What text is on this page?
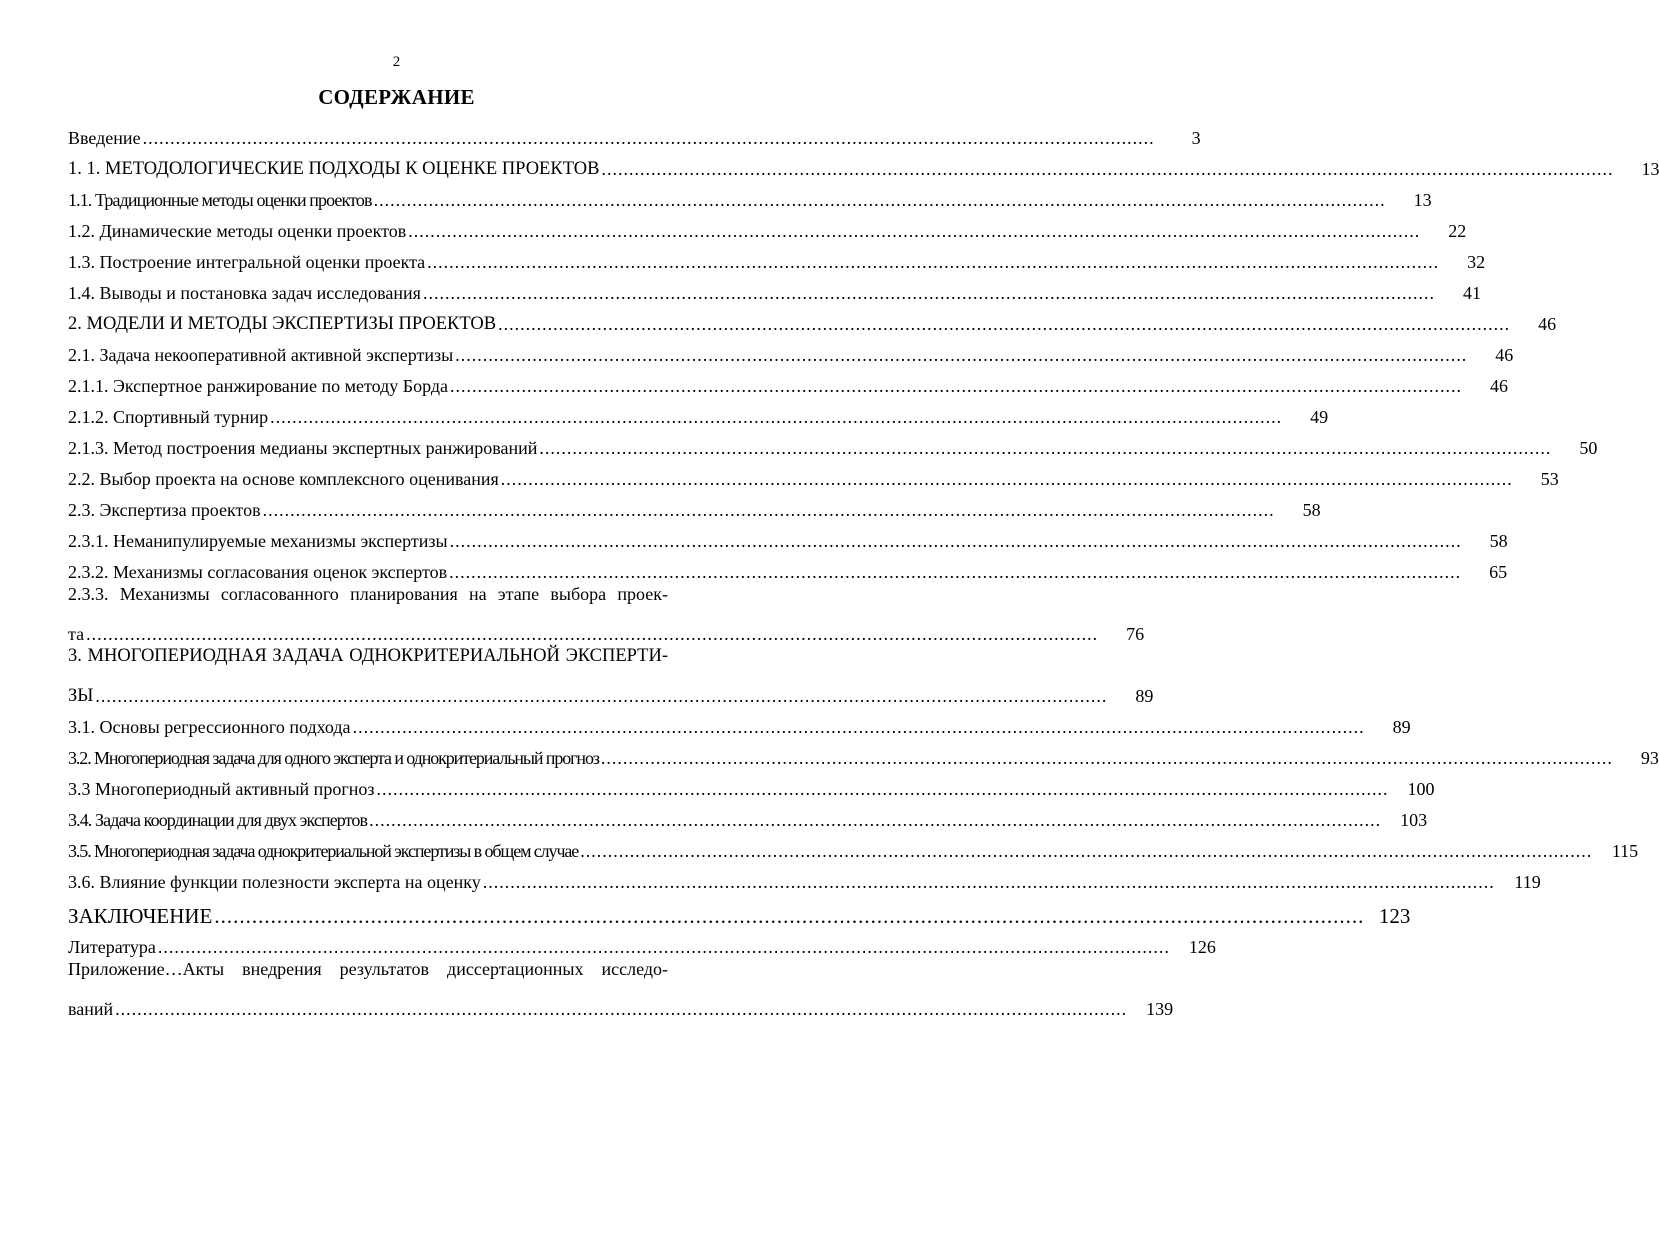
2
СОДЕРЖАНИЕ
Введение .....	3
1. 1. МЕТОДОЛОГИЧЕСКИЕ ПОДХОДЫ К ОЦЕНКЕ ПРОЕКТОВ .....	13
1.1. Традиционные методы оценки проектов .....	13
1.2. Динамические методы оценки проектов .....	22
1.3. Построение интегральной оценки проекта .....	32
1.4. Выводы и постановка задач исследования .....	41
2. МОДЕЛИ И МЕТОДЫ ЭКСПЕРТИЗЫ ПРОЕКТОВ .....	46
2.1. Задача некооперативной активной экспертизы .....	46
2.1.1. Экспертное ранжирование по методу Борда .....	46
2.1.2. Спортивный турнир .....	49
2.1.3. Метод построения медианы экспертных ранжирований .....	50
2.2. Выбор проекта на основе комплексного оценивания .....	53
2.3. Экспертиза проектов .....	58
2.3.1. Неманипулируемые механизмы экспертизы .....	58
2.3.2. Механизмы согласования оценок экспертов .....	65
2.3.3. Механизмы согласованного планирования на этапе выбора проек-
та .....	76
3. МНОГОПЕРИОДНАЯ ЗАДАЧА ОДНОКРИТЕРИАЛЬНОЙ ЭКСПЕРТИ-
ЗЫ .....	89
3.1. Основы регрессионного подхода .....	89
3.2. Многопериодная задача для одного эксперта и однокритериальный прогноз .....	93
3.3 Многопериодный активный прогноз .....	100
3.4. Задача координации для двух экспертов .....	103
3.5. Многопериодная задача однокритериальной экспертизы в общем случае .....	115
3.6. Влияние функции полезности эксперта на оценку .....	119
ЗАКЛЮЧЕНИЕ .....	123
Литература .....	126
Приложение…Акты внедрения результатов диссертационных исследо-
ваний .....	139
